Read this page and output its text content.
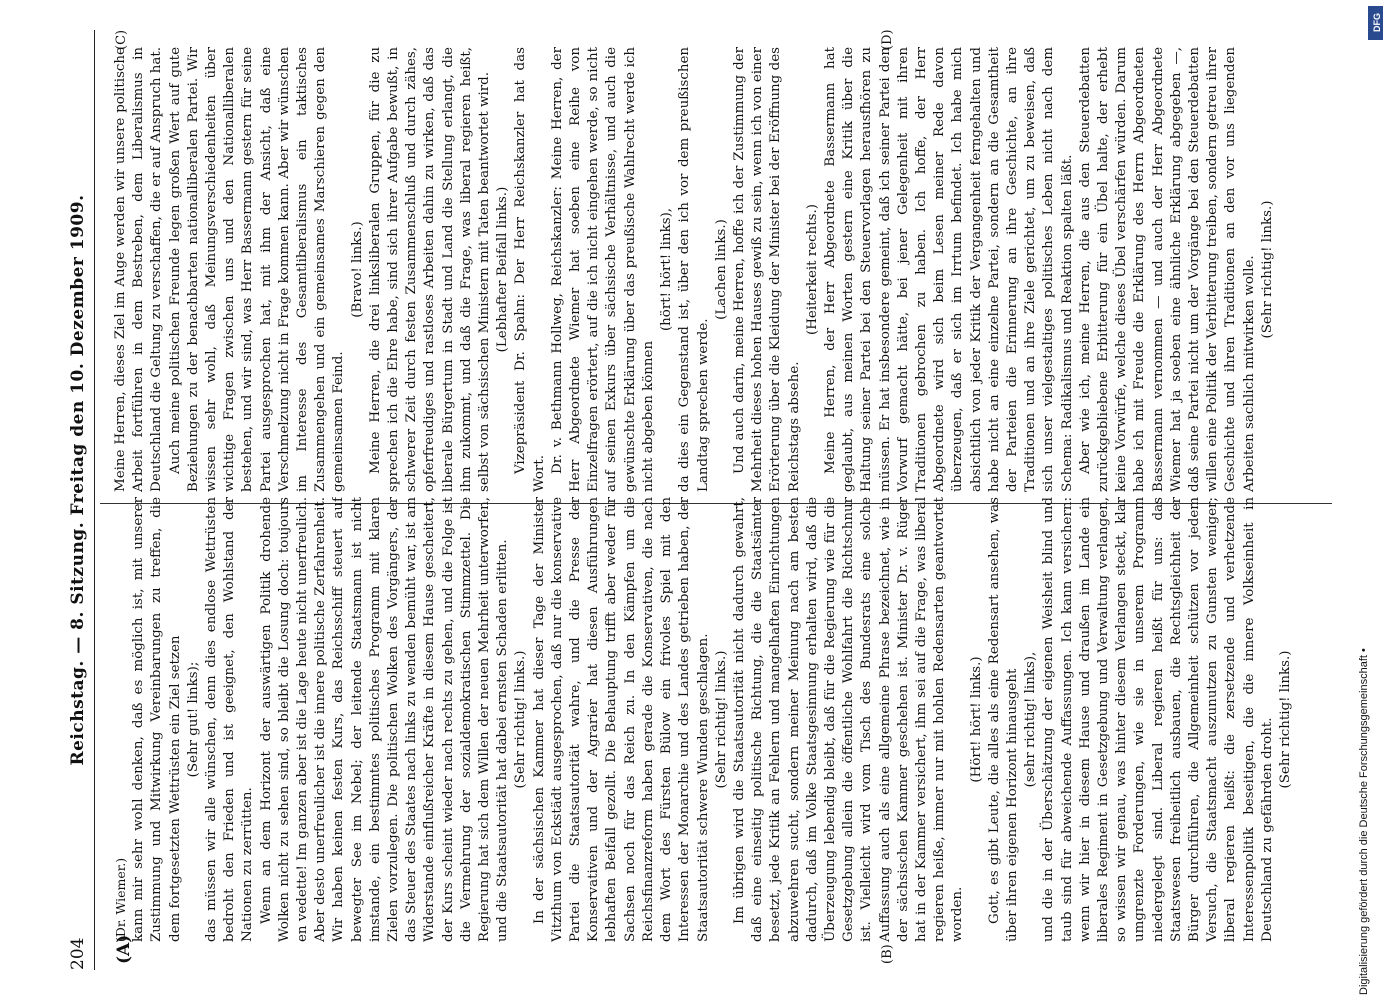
204
Reichstag. — 8. Sitzung. Freitag den 10. Dezember 1909.
(A)	(B)
(C)	(D)

(Dr. Wiemer.) kann mir sehr wohl denken, daß es möglich ist, mit unserer Zustimmung und Mitwirkung Vereinbarungen zu treffen, die dem fortgesetzten Wettrüsten ein Ziel setzen (Sehr gut! links); das müssen wir alle wünschen, denn dies endlose Wettrüsten bedroht den Frieden und ist geeignet, den Wohlstand der Nationen zu zerrütten. Wenn an dem Horizont der auswärtigen Politik drohende Wolken nicht zu sehen sind, so bleibt die Losung doch: toujours en vedette! Im ganzen aber ist die Lage heute nicht unerfreulich. Aber desto unerfreulicher ist die innere politische Zerfahrenheit. Wir haben keinen festen Kurs, das Reichsschiff steuert auf bewegter See im Nebel; der leitende Staatsmann ist nicht imstande, ein bestimmtes politisches Programm mit klaren Zielen vorzulegen. Die politischen Wolken des Vorgängers, der das Steuer des Staates nach links zu wenden bemüht war, ist am Widerstande einflußreicher Kräfte in diesem Hause gescheitert, der Kurs scheint wieder nach rechts zu gehen, und die Folge ist die Vermehrung der sozialdemokratischen Stimmzettel. Die Regierung hat sich dem Willen der neuen Mehrheit unterworfen, und die Staatsautorität hat dabei ernsten Schaden erlitten. (Sehr richtig! links.) In der sächsischen Kammer hat dieser Tage der Minister Vitzthum von Eckstädt ausgesprochen, daß nur die konservative Partei die Staatsautorität wahre, und die Presse der Konservativen und der Agrarier hat diesen Ausführungen lebhaften Beifall gezollt. Die Behauptung trifft aber weder für Sachsen noch für das Reich zu. In den Kämpfen um die Reichsfinanzreform haben gerade die Konservativen, die nach dem Wort des Fürsten Bülow ein frivoles Spiel mit den Interessen der Monarchie und des Landes getrieben haben, der Staatsautorität schwere Wunden geschlagen. (Sehr richtig! links.) Im übrigen wird die Staatsautorität nicht dadurch gewahrt, daß eine einseitig politische Richtung, die die Staatsämter besetzt, jede Kritik an Fehlern und mangelhaften Einrichtungen abzuwehren sucht, sondern meiner Meinung nach am besten dadurch, daß im Volke Staatsgesinnung erhalten wird, daß die Überzeugung lebendig bleibt, daß für die Regierung wie für die Gesetzgebung allein die öffentliche Wohlfahrt die Richtschnur ist. Vielleicht wird vom Tisch des Bundesrats eine solche Auffassung auch als eine allgemeine Phrase bezeichnet, wie in der sächsischen Kammer geschehen ist. Minister Dr. v. Rüger hat in der Kammer versichert, ihm sei auf die Frage, was liberal regieren heiße, immer nur mit hohlen Redensarten geantwortet worden.

(Hört! hört! links.) Gott, es gibt Leute, die alles als eine Redensart ansehen, was über ihren eigenen Horizont hinausgeht (sehr richtig! links), und die in der Überschätzung der eigenen Weisheit blind und taub sind für abweichende Auffassungen. Ich kann versichern: wenn wir hier in diesem Hause und draußen im Lande ein liberales Regiment in Gesetzgebung und Verwaltung verlangen, so wissen wir genau, was hinter diesem Verlangen steckt, klar umgrenzte Forderungen, wie sie in unserem Programm niedergelegt sind. Liberal regieren heißt für uns: das Staatswesen freiheitlich ausbauen, die Rechtsgleichheit der Bürger durchführen, die Allgemeinheit schützen vor jedem Versuch, die Staatsmacht auszunutzen zu Gunsten weniger; liberal regieren heißt: die zersetzende und verhetzende Interessenpolitik beseitigen, die die innere Volkseinheit in Deutschland zu gefährden droht. (Sehr richtig! links.)

Meine Herren, dieses Ziel im Auge werden wir unsere politische Arbeit fortführen in dem Bestreben, dem Liberalismus in Deutschland die Geltung zu verschaffen, die er auf Anspruch hat. Auch meine politischen Freunde legen großen Wert auf gute Beziehungen zu der benachbarten nationalliberalen Partei. Wir wissen sehr wohl, daß Meinungsverschiedenheiten über wichtige Fragen zwischen uns und den Nationalliberalen bestehen, und wir sind, was Herr Bassermann gestern für seine Partei ausgesprochen hat, mit ihm der Ansicht, daß eine Verschmelzung nicht in Frage kommen kann. Aber wir wünschen im Interesse des Gesamtliberalismus ein taktisches Zusammengehen und ein gemeinsames Marschieren gegen den gemeinsamen Feind.

(Bravo! links.) Meine Herren, die drei linksliberalen Gruppen, für die zu sprechen ich die Ehre habe, sind sich ihrer Aufgabe bewußt, in schwerer Zeit durch festen Zusammenschluß und durch zähes, opferfreudiges und rastloses Arbeiten dahin zu wirken, daß das liberale Bürgertum in Stadt und Land die Stellung erlangt, die ihm zukommt, und daß die Frage, was liberal regieren heißt, selbst von sächsischen Ministern mit Taten beantwortet wird. (Lebhafter Beifall links.) Vizepräsident Dr. Spahn: Der Herr Reichskanzler hat das Wort. Dr. v. Bethmann Hollweg, Reichskanzler: Meine Herren, der Herr Abgeordnete Wiemer hat soeben eine Reihe von Einzelfragen erörtert, auf die ich nicht eingehen werde, so nicht auf seinen Exkurs über sächsische Verhältnisse, und auch die gewünschte Erklärung über das preußische Wahlrecht werde ich nicht abgeben können

(hört! hört! links), da dies ein Gegenstand ist, über den ich vor dem preußischen Landtag sprechen werde.

(Lachen links.) Und auch darin, meine Herren, hoffe ich der Zustimmung der Mehrheit dieses hohen Hauses gewiß zu sein, wenn ich von einer Erörterung über die Kleidung der Minister bei der Eröffnung des Reichstags absehe.

(Heiterkeit rechts.) Meine Herren, der Herr Abgeordnete Bassermann hat geglaubt, aus meinen Worten gestern eine Kritik über die Haltung seiner Partei bei den Steuervorlagen herausfhören zu müssen. Er hat insbesondere gemeint, daß ich seiner Partei den Vorwurf gemacht hätte, bei jener Gelegenheit mit ihren Traditionen gebrochen zu haben. Ich hoffe, der Herr Abgeordnete wird sich beim Lesen meiner Rede davon überzeugen, daß er sich im Irrtum befindet. Ich habe mich absichtlich von jeder Kritik der Vergangenheit ferngehalten und habe nicht an eine einzelne Partei, sondern an die Gesamtheit der Parteien die Erinnerung an ihre Geschichte, an ihre Traditionen und an ihre Ziele gerichtet, um zu beweisen, daß sich unser vielgestaltiges politisches Leben nicht nach dem Schema: Radikalismus und Reaktion spalten läßt. Aber wie ich, meine Herren, die aus den Steuerdebatten zurückgebliebene Erbitterung für ein Übel halte, der erhebt keine Vorwürfe, welche dieses Übel verschärfen würden. Darum habe ich mit Freude die Erklärung des Herrn Abgeordneten Bassermann vernommen — und auch der Herr Abgeordnete Wiemer hat ja soeben eine ähnliche Erklärung abgegeben —, daß seine Partei nicht um der Vorgänge bei den Steuerdebatten willen eine Politik der Verbitterung treiben, sondern getreu ihrer Geschichte und ihren Traditionen an den vor uns liegenden Arbeiten sachlich mitwirken wolle. (Sehr richtig! links.)

Digitalisierung gefördert durch die Deutsche Forschungsgemeinschaft •
DFG
